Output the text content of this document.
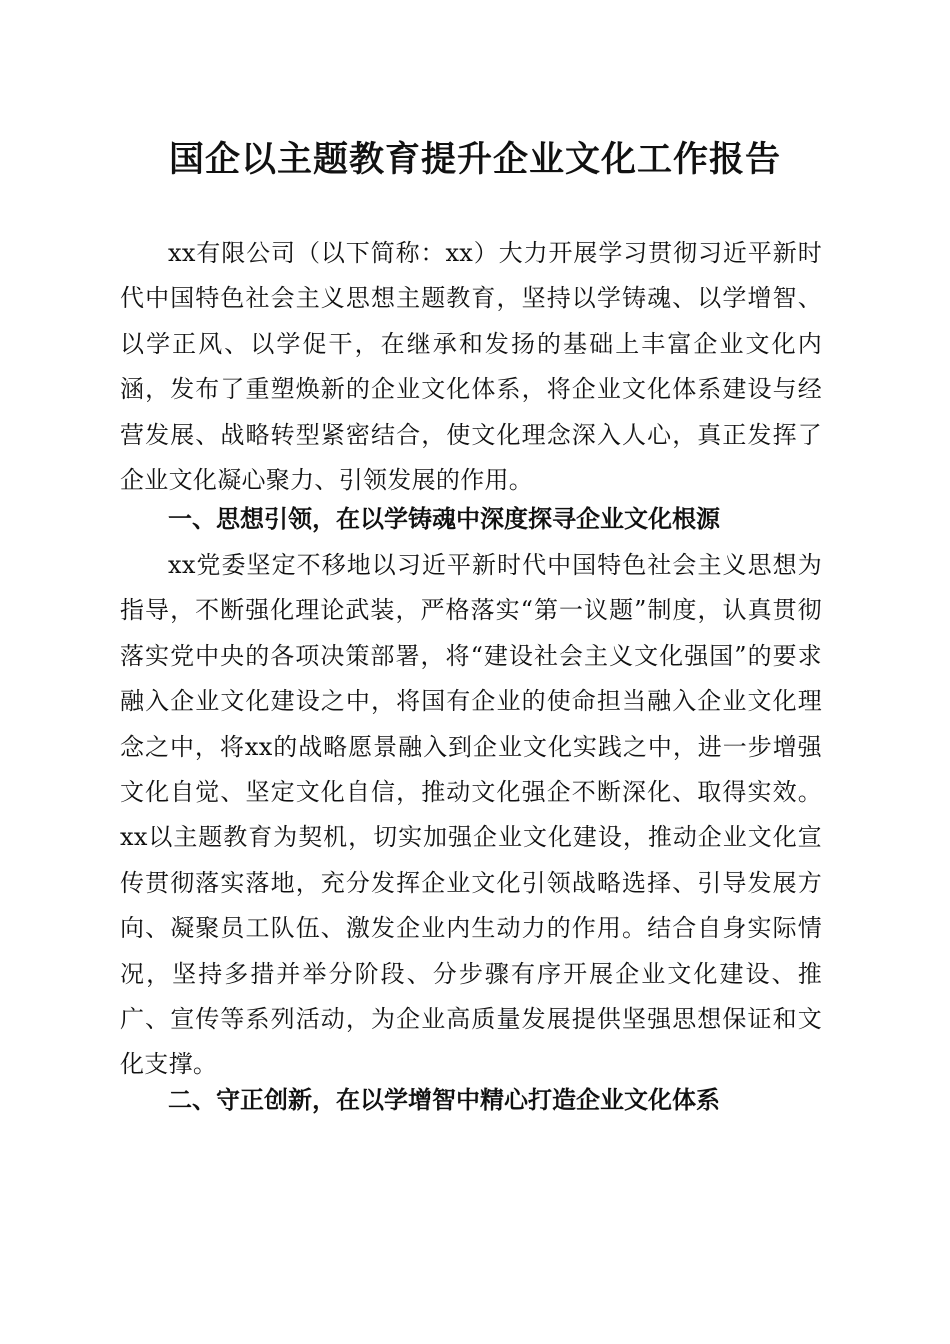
国企以主题教育提升企业文化工作报告

xx有限公司（以下简称：xx）大力开展学习贯彻习近平新时代中国特色社会主义思想主题教育，坚持以学铸魂、以学增智、以学正风、以学促干，在继承和发扬的基础上丰富企业文化内涵，发布了重塑焕新的企业文化体系，将企业文化体系建设与经营发展、战略转型紧密结合，使文化理念深入人心，真正发挥了企业文化凝心聚力、引领发展的作用。

一、思想引领，在以学铸魂中深度探寻企业文化根源

xx党委坚定不移地以习近平新时代中国特色社会主义思想为指导，不断强化理论武装，严格落实“第一议题”制度，认真贯彻落实党中央的各项决策部署，将“建设社会主义文化强国”的要求融入企业文化建设之中，将国有企业的使命担当融入企业文化理念之中，将xx的战略愿景融入到企业文化实践之中，进一步增强文化自觉、坚定文化自信，推动文化强企不断深化、取得实效。xx以主题教育为契机，切实加强企业文化建设，推动企业文化宣传贯彻落实落地，充分发挥企业文化引领战略选择、引导发展方向、凝聚员工队伍、激发企业内生动力的作用。结合自身实际情况，坚持多措并举分阶段、分步骤有序开展企业文化建设、推广、宣传等系列活动，为企业高质量发展提供坚强思想保证和文化支撑。

二、守正创新，在以学增智中精心打造企业文化体系
